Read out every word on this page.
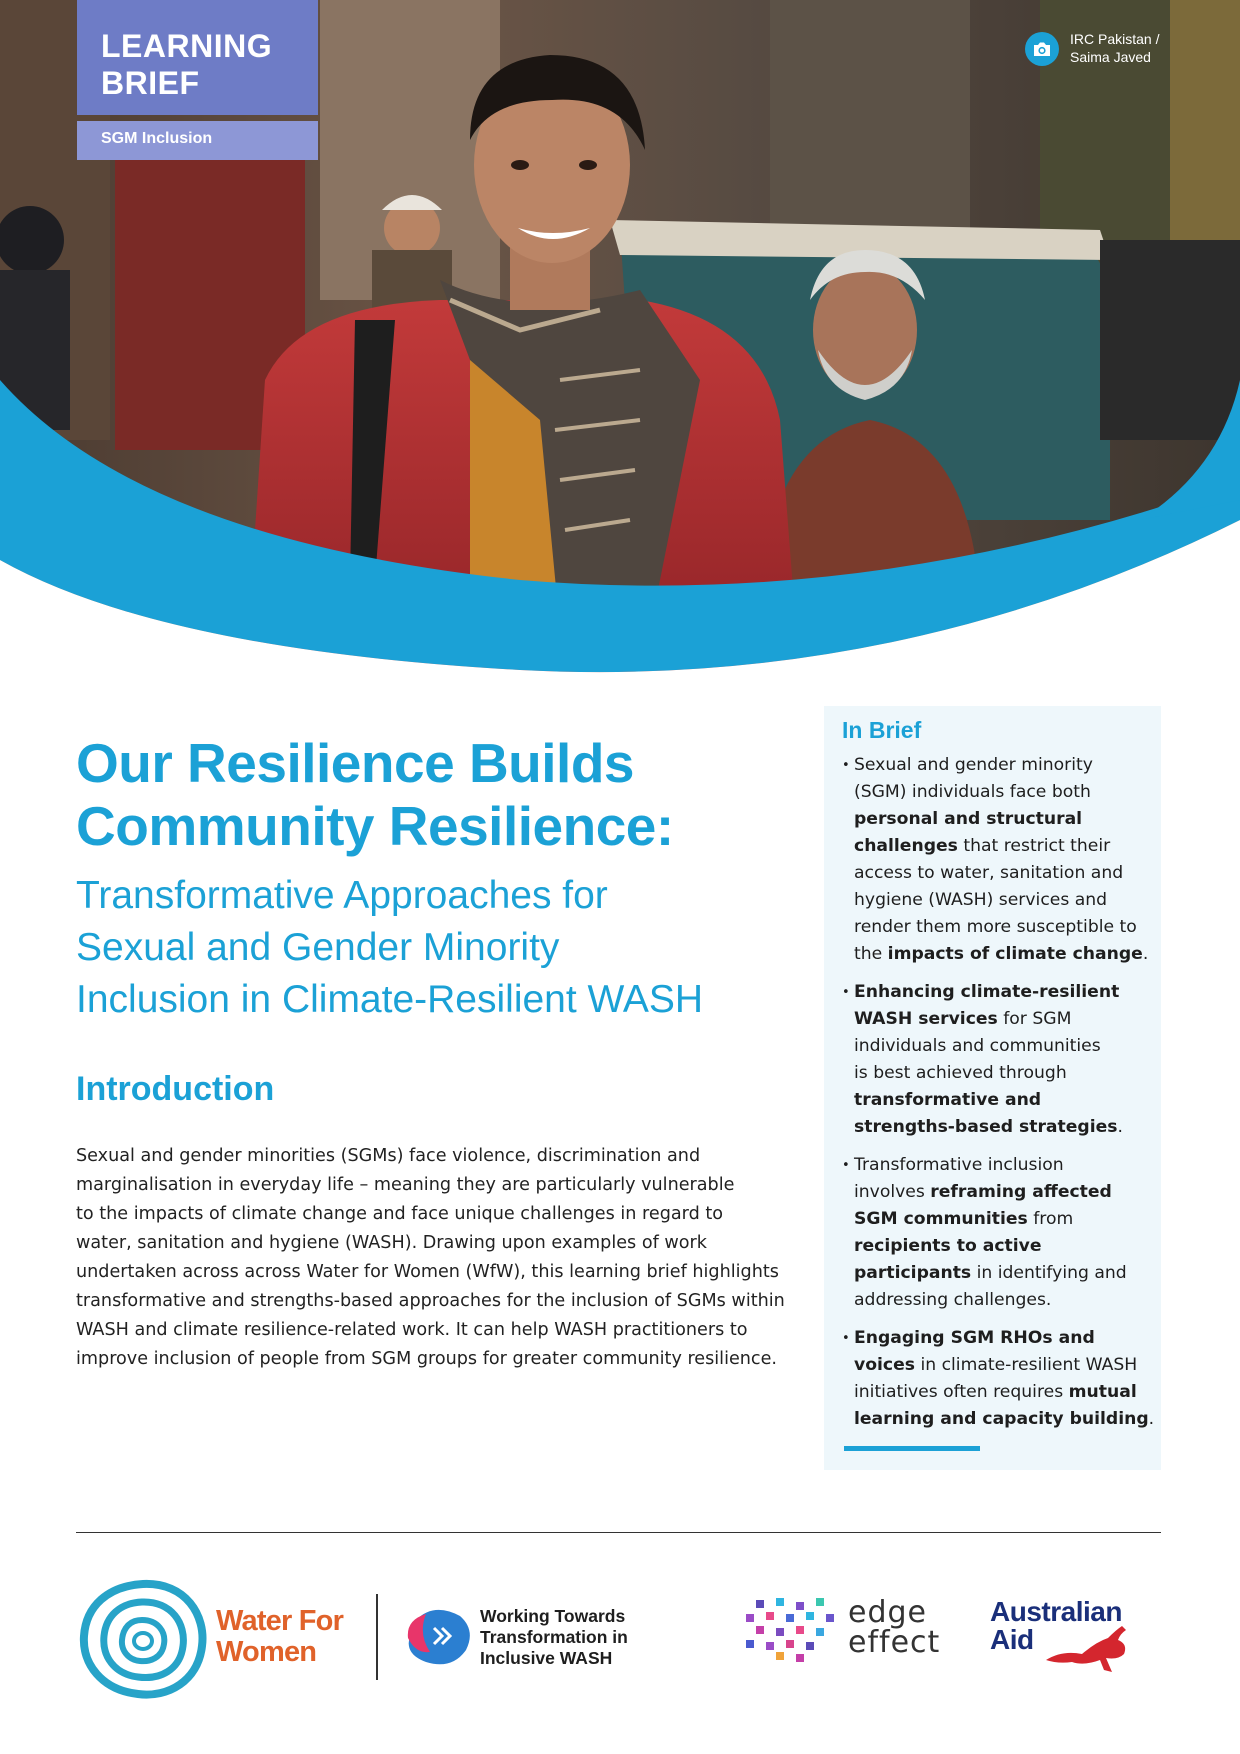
LEARNING
BRIEF
SGM Inclusion
IRC Pakistan /
Saima Javed
Our Resilience Builds
Community Resilience:
Transformative Approaches for
Sexual and Gender Minority
Inclusion in Climate-Resilient WASH
Introduction

Sexual and gender minorities (SGMs) face violence, discrimination and
marginalisation in everyday life – meaning they are particularly vulnerable
to the impacts of climate change and face unique challenges in regard to
water, sanitation and hygiene (WASH). Drawing upon examples of work
undertaken across across Water for Women (WfW), this learning brief highlights
transformative and strengths-based approaches for the inclusion of SGMs within
WASH and climate resilience-related work. It can help WASH practitioners to
improve inclusion of people from SGM groups for greater community resilience.

In Brief
• Sexual and gender minority
(SGM) individuals face both
personal and structural
challenges that restrict their
access to water, sanitation and
hygiene (WASH) services and
render them more susceptible to
the impacts of climate change.
• Enhancing climate-resilient
WASH services for SGM
individuals and communities
is best achieved through
transformative and
strengths-based strategies.
• Transformative inclusion
involves reframing affected
SGM communities from
recipients to active
participants in identifying and
addressing challenges.
• Engaging SGM RHOs and
voices in climate-resilient WASH
initiatives often requires mutual
learning and capacity building.
Water For
Women
Working Towards
Transformation in
Inclusive WASH
edge
effect
Australian
Aid
